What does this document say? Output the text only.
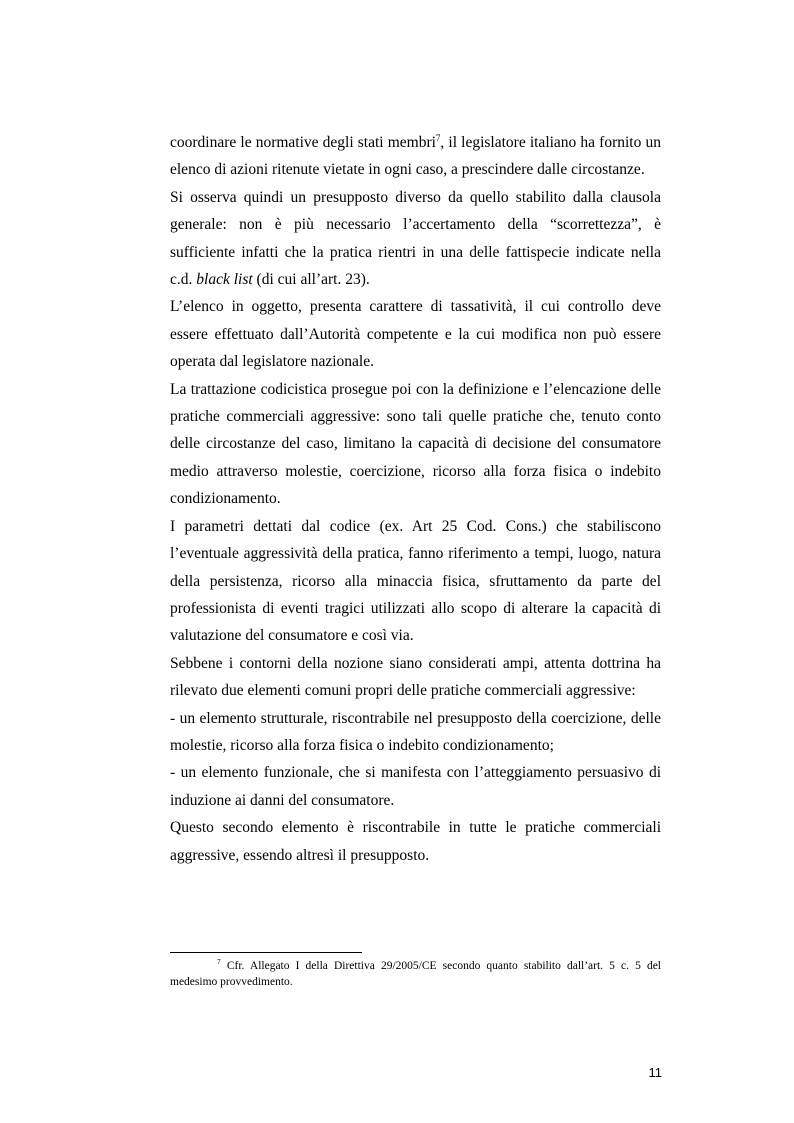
coordinare le normative degli stati membri$^7$, il legislatore italiano ha fornito un elenco di azioni ritenute vietate in ogni caso, a prescindere dalle circostanze.

Si osserva quindi un presupposto diverso da quello stabilito dalla clausola generale: non è più necessario l’accertamento della “scorrettezza”, è sufficiente infatti che la pratica rientri in una delle fattispecie indicate nella c.d. black list (di cui all’art. 23).

L’elenco in oggetto, presenta carattere di tassatività, il cui controllo deve essere effettuato dall’Autorità competente e la cui modifica non può essere operata dal legislatore nazionale.

La trattazione codicistica prosegue poi con la definizione e l’elencazione delle pratiche commerciali aggressive: sono tali quelle pratiche che, tenuto conto delle circostanze del caso, limitano la capacità di decisione del consumatore medio attraverso molestie, coercizione, ricorso alla forza fisica o indebito condizionamento.

I parametri dettati dal codice (ex. Art 25 Cod. Cons.) che stabiliscono l’eventuale aggressività della pratica, fanno riferimento a tempi, luogo, natura della persistenza, ricorso alla minaccia fisica, sfruttamento da parte del professionista di eventi tragici utilizzati allo scopo di alterare la capacità di valutazione del consumatore e così via.

Sebbene i contorni della nozione siano considerati ampi, attenta dottrina ha rilevato due elementi comuni propri delle pratiche commerciali aggressive:

- un elemento strutturale, riscontrabile nel presupposto della coercizione, delle molestie, ricorso alla forza fisica o indebito condizionamento;

- un elemento funzionale, che si manifesta con l’atteggiamento persuasivo di induzione ai danni del consumatore.

Questo secondo elemento è riscontrabile in tutte le pratiche commerciali aggressive, essendo altresì il presupposto.

$^7$ Cfr. Allegato I della Direttiva 29/2005/CE secondo quanto stabilito dall’art. 5 c. 5 del medesimo provvedimento.
11
